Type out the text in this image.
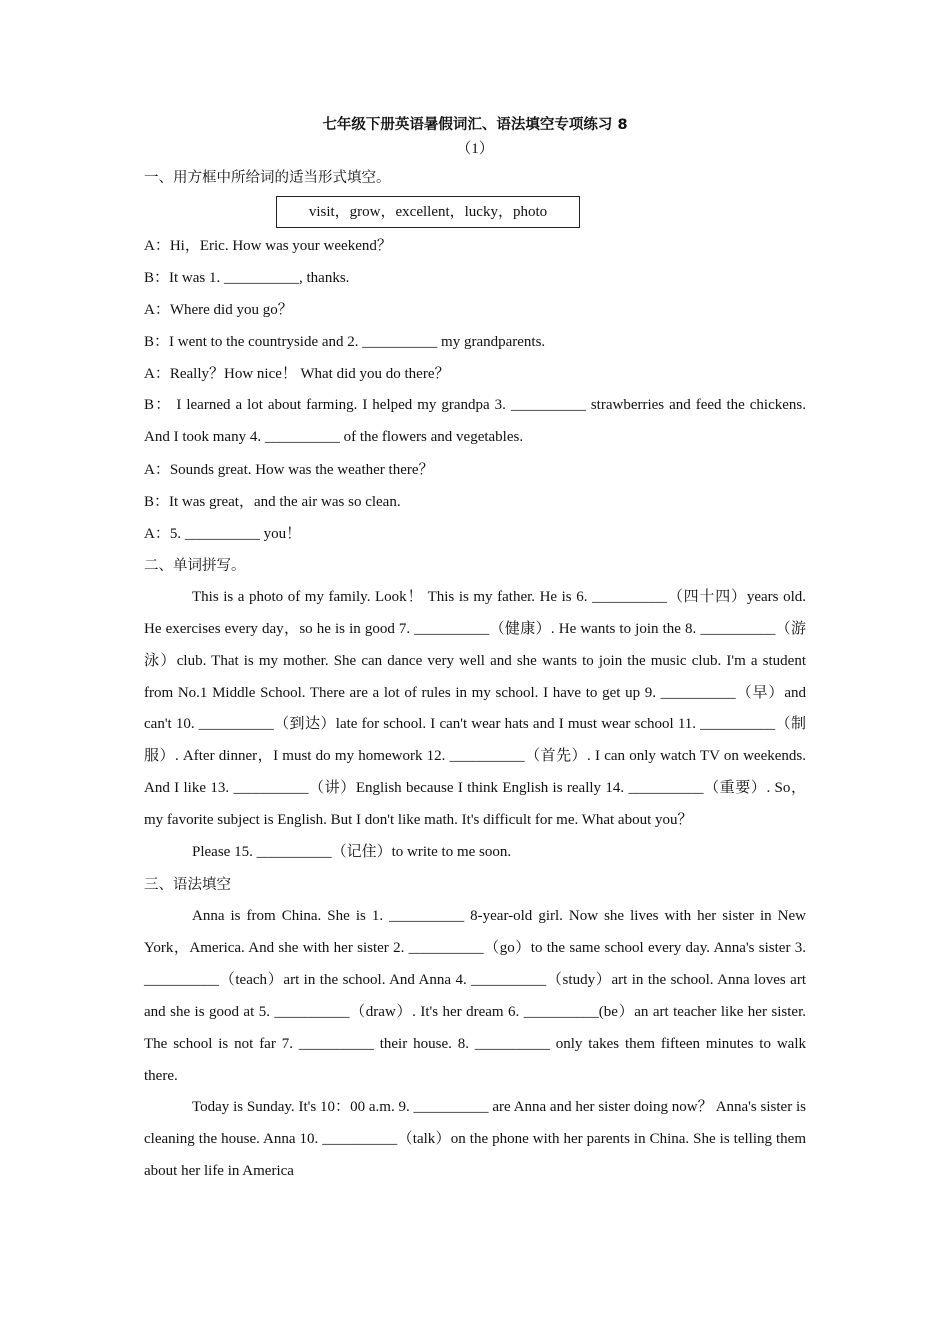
七年级下册英语暑假词汇、语法填空专项练习 8
（1）
一、用方框中所给词的适当形式填空。
visit，grow，excellent，lucky，photo
A：Hi，Eric. How was your weekend？
B：It was 1. __________, thanks.
A：Where did you go？
B：I went to the countryside and 2. __________ my grandparents.
A：Really？How nice！ What did you do there？
B： I learned a lot about farming. I helped my grandpa 3. __________ strawberries and feed the chickens. And I took many 4. __________ of the flowers and vegetables.
A：Sounds great. How was the weather there？
B：It was great，and the air was so clean.
A：5. __________ you！
二、单词拼写。
This is a photo of my family. Look！ This is my father. He is 6. __________（四十四）years old. He exercises every day，so he is in good 7. __________（健康）. He wants to join the 8. __________（游泳）club. That is my mother. She can dance very well and she wants to join the music club. I'm a student from No.1 Middle School. There are a lot of rules in my school. I have to get up 9. __________（早）and can't 10. __________（到达）late for school. I can't wear hats and I must wear school 11. __________（制服）. After dinner，I must do my homework 12. __________（首先）. I can only watch TV on weekends. And I like 13. __________（讲）English because I think English is really 14. __________（重要）. So，my favorite subject is English. But I don't like math. It's difficult for me. What about you？
Please 15. __________（记住）to write to me soon.
三、语法填空
Anna is from China. She is 1. __________ 8-year-old girl. Now she lives with her sister in New York，America. And she with her sister 2. __________（go）to the same school every day. Anna's sister 3. __________（teach）art in the school. And Anna 4. __________（study）art in the school. Anna loves art and she is good at 5. __________（draw）. It's her dream 6. __________(be）an art teacher like her sister. The school is not far 7. __________ their house. 8. __________ only takes them fifteen minutes to walk there.
Today is Sunday. It's 10：00 a.m. 9. __________ are Anna and her sister doing now？ Anna's sister is cleaning the house. Anna 10. __________（talk）on the phone with her parents in China. She is telling them about her life in America
